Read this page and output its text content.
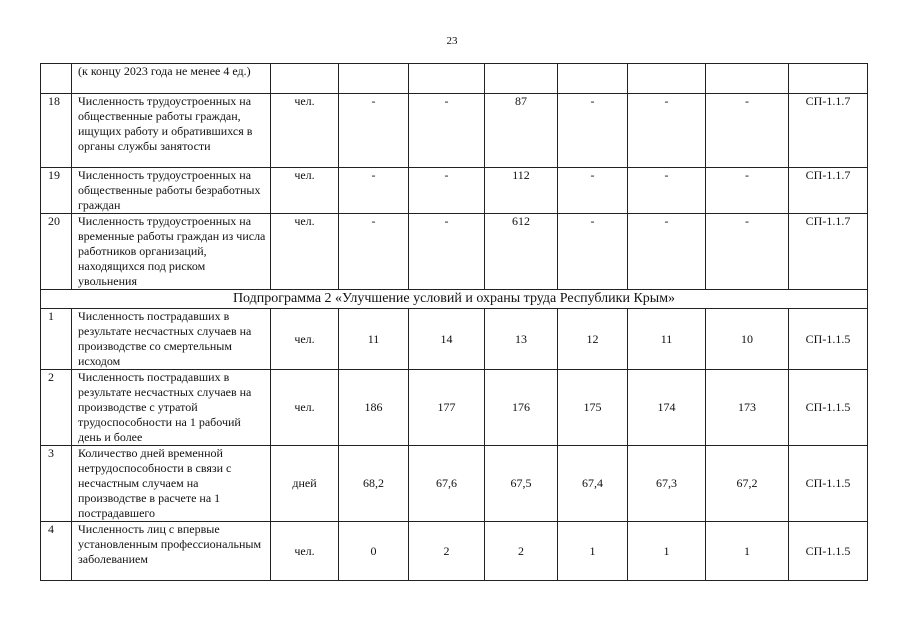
23
	(к концу 2023 года не менее 4 ед.)								
18	Численность трудоустроенных на общественные работы граждан, ищущих работу и обратившихся в органы службы занятости	чел.	-	-	87	-	-	-	СП-1.1.7
19	Численность трудоустроенных на общественные работы безработных граждан	чел.	-	-	112	-	-	-	СП-1.1.7
20	Численность трудоустроенных на временные работы граждан из числа работников организаций, находящихся под риском увольнения	чел.	-	-	612	-	-	-	СП-1.1.7
Подпрограмма 2 «Улучшение условий и охраны труда Республики Крым»									
1	Численность пострадавших в результате несчастных случаев на производстве со смертельным исходом	чел.	11	14	13	12	11	10	СП-1.1.5
2	Численность пострадавших в результате несчастных случаев на производстве с утратой трудоспособности на 1 рабочий день и более	чел.	186	177	176	175	174	173	СП-1.1.5
3	Количество дней временной нетрудоспособности в связи с несчастным случаем на производстве в расчете на 1 пострадавшего	дней	68,2	67,6	67,5	67,4	67,3	67,2	СП-1.1.5
4	Численность лиц с впервые установленным профессиональным заболеванием	чел.	0	2	2	1	1	1	СП-1.1.5
